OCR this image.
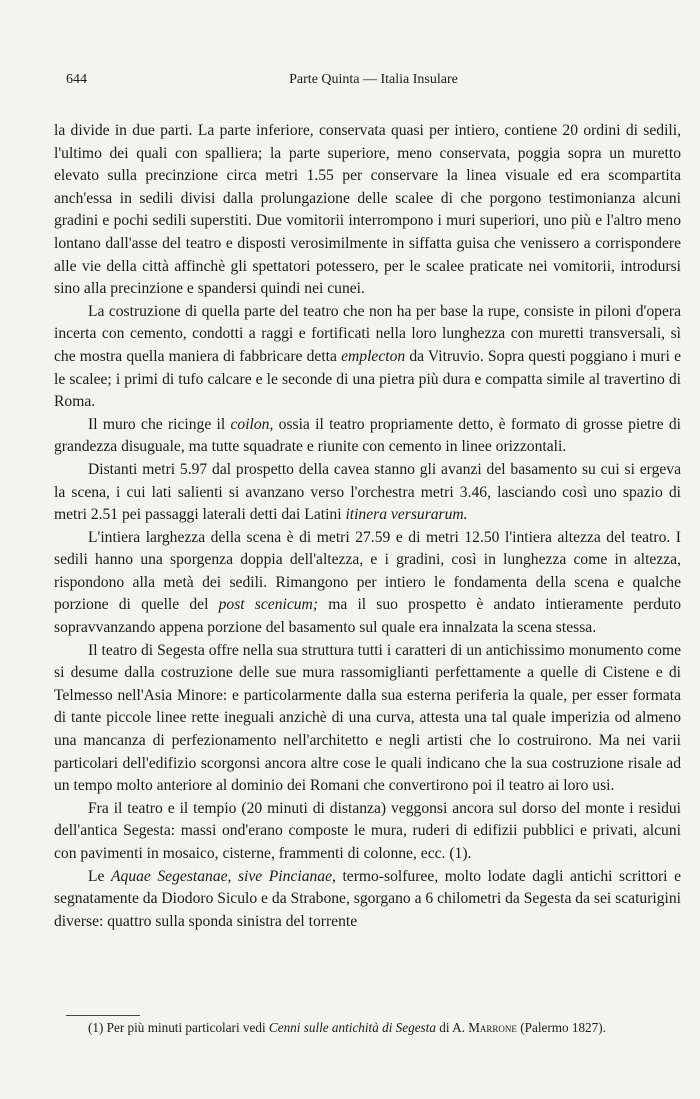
644	Parte Quinta — Italia Insulare

la divide in due parti. La parte inferiore, conservata quasi per intiero, contiene 20 ordini di sedili, l'ultimo dei quali con spalliera; la parte superiore, meno conservata, poggia sopra un muretto elevato sulla precinzione circa metri 1.55 per conservare la linea visuale ed era scompartita anch'essa in sedili divisi dalla prolungazione delle scalee di che porgono testimonianza alcuni gradini e pochi sedili superstiti. Due vomitorii interrompono i muri superiori, uno più e l'altro meno lontano dall'asse del teatro e disposti verosimilmente in siffatta guisa che venissero a corrispondere alle vie della città affinchè gli spettatori potessero, per le scalee praticate nei vomitorii, introdursi sino alla precinzione e spandersi quindi nei cunei.

La costruzione di quella parte del teatro che non ha per base la rupe, consiste in piloni d'opera incerta con cemento, condotti a raggi e fortificati nella loro lunghezza con muretti transversali, sì che mostra quella maniera di fabbricare detta emplecton da Vitruvio. Sopra questi poggiano i muri e le scalee; i primi di tufo calcare e le seconde di una pietra più dura e compatta simile al travertino di Roma.

Il muro che ricinge il coilon, ossia il teatro propriamente detto, è formato di grosse pietre di grandezza disuguale, ma tutte squadrate e riunite con cemento in linee orizzontali.

Distanti metri 5.97 dal prospetto della cavea stanno gli avanzi del basamento su cui si ergeva la scena, i cui lati salienti si avanzano verso l'orchestra metri 3.46, lasciando così uno spazio di metri 2.51 pei passaggi laterali detti dai Latini itinera versurarum.

L'intiera larghezza della scena è di metri 27.59 e di metri 12.50 l'intiera altezza del teatro. I sedili hanno una sporgenza doppia dell'altezza, e i gradini, così in lunghezza come in altezza, rispondono alla metà dei sedili. Rimangono per intiero le fondamenta della scena e qualche porzione di quelle del post scenicum; ma il suo prospetto è andato intieramente perduto sopravvanzando appena porzione del basamento sul quale era innalzata la scena stessa.

Il teatro di Segesta offre nella sua struttura tutti i caratteri di un antichissimo monumento come si desume dalla costruzione delle sue mura rassomiglianti perfettamente a quelle di Cistene e di Telmesso nell'Asia Minore: e particolarmente dalla sua esterna periferia la quale, per esser formata di tante piccole linee rette ineguali anzichè di una curva, attesta una tal quale imperizia od almeno una mancanza di perfezionamento nell'architetto e negli artisti che lo costruirono. Ma nei varii particolari dell'edifizio scorgonsi ancora altre cose le quali indicano che la sua costruzione risale ad un tempo molto anteriore al dominio dei Romani che convertirono poi il teatro ai loro usi.

Fra il teatro e il tempio (20 minuti di distanza) veggonsi ancora sul dorso del monte i residui dell'antica Segesta: massi ond'erano composte le mura, ruderi di edifizii pubblici e privati, alcuni con pavimenti in mosaico, cisterne, frammenti di colonne, ecc. (1).

Le Aquae Segestanae, sive Pincianae, termo-solfuree, molto lodate dagli antichi scrittori e segnatamente da Diodoro Siculo e da Strabone, sgorgano a 6 chilometri da Segesta da sei scaturigini diverse: quattro sulla sponda sinistra del torrente

(1) Per più minuti particolari vedi Cenni sulle antichità di Segesta di A. Marrone (Palermo 1827).
